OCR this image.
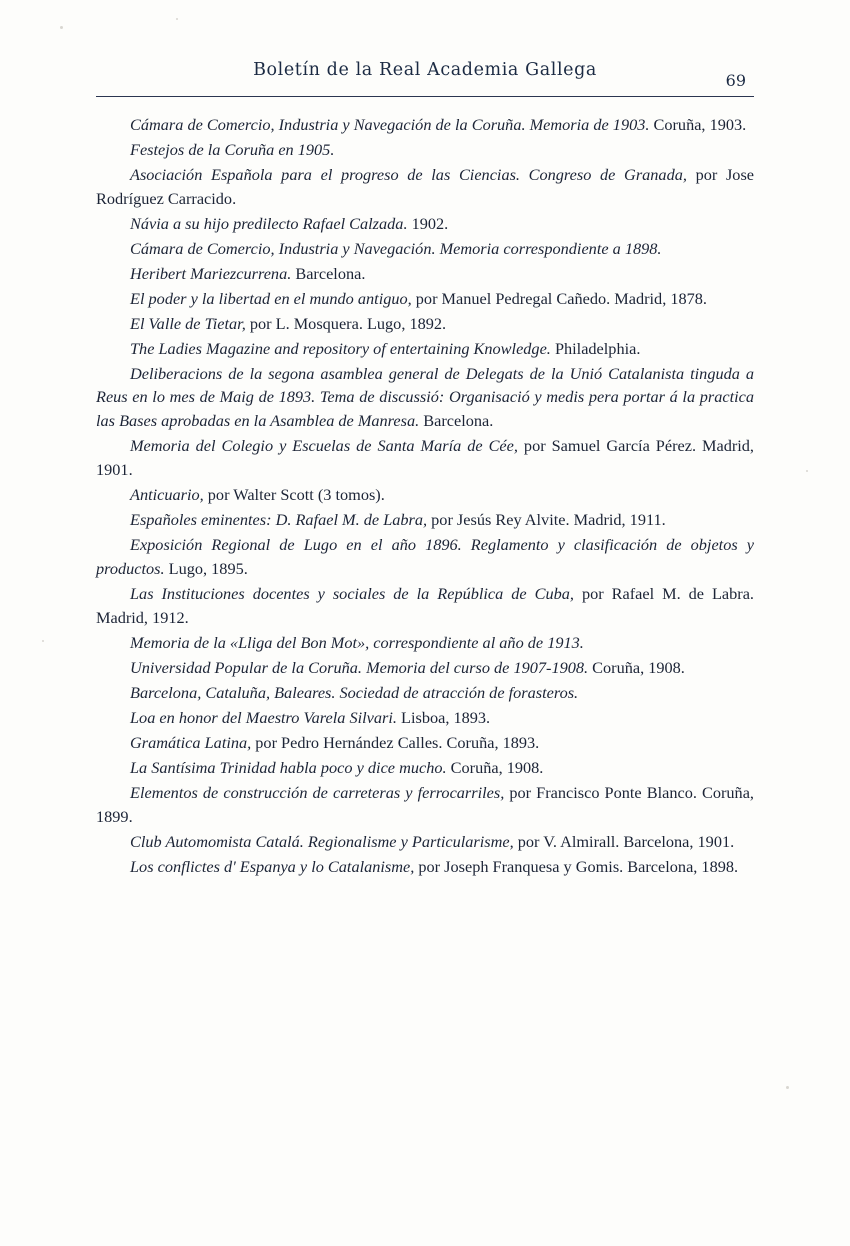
Boletín de la Real Academia Gallega
69

Cámara de Comercio, Industria y Navegación de la Coruña. Memoria de 1903. Coruña, 1903.

Festejos de la Coruña en 1905.

Asociación Española para el progreso de las Ciencias. Congreso de Granada, por Jose Rodríguez Carracido.

Návia a su hijo predilecto Rafael Calzada. 1902.

Cámara de Comercio, Industria y Navegación. Memoria correspondiente a 1898.

Heribert Mariezcurrena. Barcelona.

El poder y la libertad en el mundo antiguo, por Manuel Pedregal Cañedo. Madrid, 1878.

El Valle de Tietar, por L. Mosquera. Lugo, 1892.

The Ladies Magazine and repository of entertaining Knowledge. Philadelphia.

Deliberacions de la segona asamblea general de Delegats de la Unió Catalanista tinguda a Reus en lo mes de Maig de 1893. Tema de discussió: Organisació y medis pera portar á la practica las Bases aprobadas en la Asamblea de Manresa. Barcelona.

Memoria del Colegio y Escuelas de Santa María de Cée, por Samuel García Pérez. Madrid, 1901.

Anticuario, por Walter Scott (3 tomos).

Españoles eminentes: D. Rafael M. de Labra, por Jesús Rey Alvite. Madrid, 1911.

Exposición Regional de Lugo en el año 1896. Reglamento y clasificación de objetos y productos. Lugo, 1895.

Las Instituciones docentes y sociales de la República de Cuba, por Rafael M. de Labra. Madrid, 1912.

Memoria de la «Lliga del Bon Mot», correspondiente al año de 1913.

Universidad Popular de la Coruña. Memoria del curso de 1907-1908. Coruña, 1908.

Barcelona, Cataluña, Baleares. Sociedad de atracción de forasteros.

Loa en honor del Maestro Varela Silvari. Lisboa, 1893.

Gramática Latina, por Pedro Hernández Calles. Coruña, 1893.

La Santísima Trinidad habla poco y dice mucho. Coruña, 1908.

Elementos de construcción de carreteras y ferrocarriles, por Francisco Ponte Blanco. Coruña, 1899.

Club Automomista Catalá. Regionalisme y Particularisme, por V. Almirall. Barcelona, 1901.

Los conflictes d' Espanya y lo Catalanisme, por Joseph Franquesa y Gomis. Barcelona, 1898.
